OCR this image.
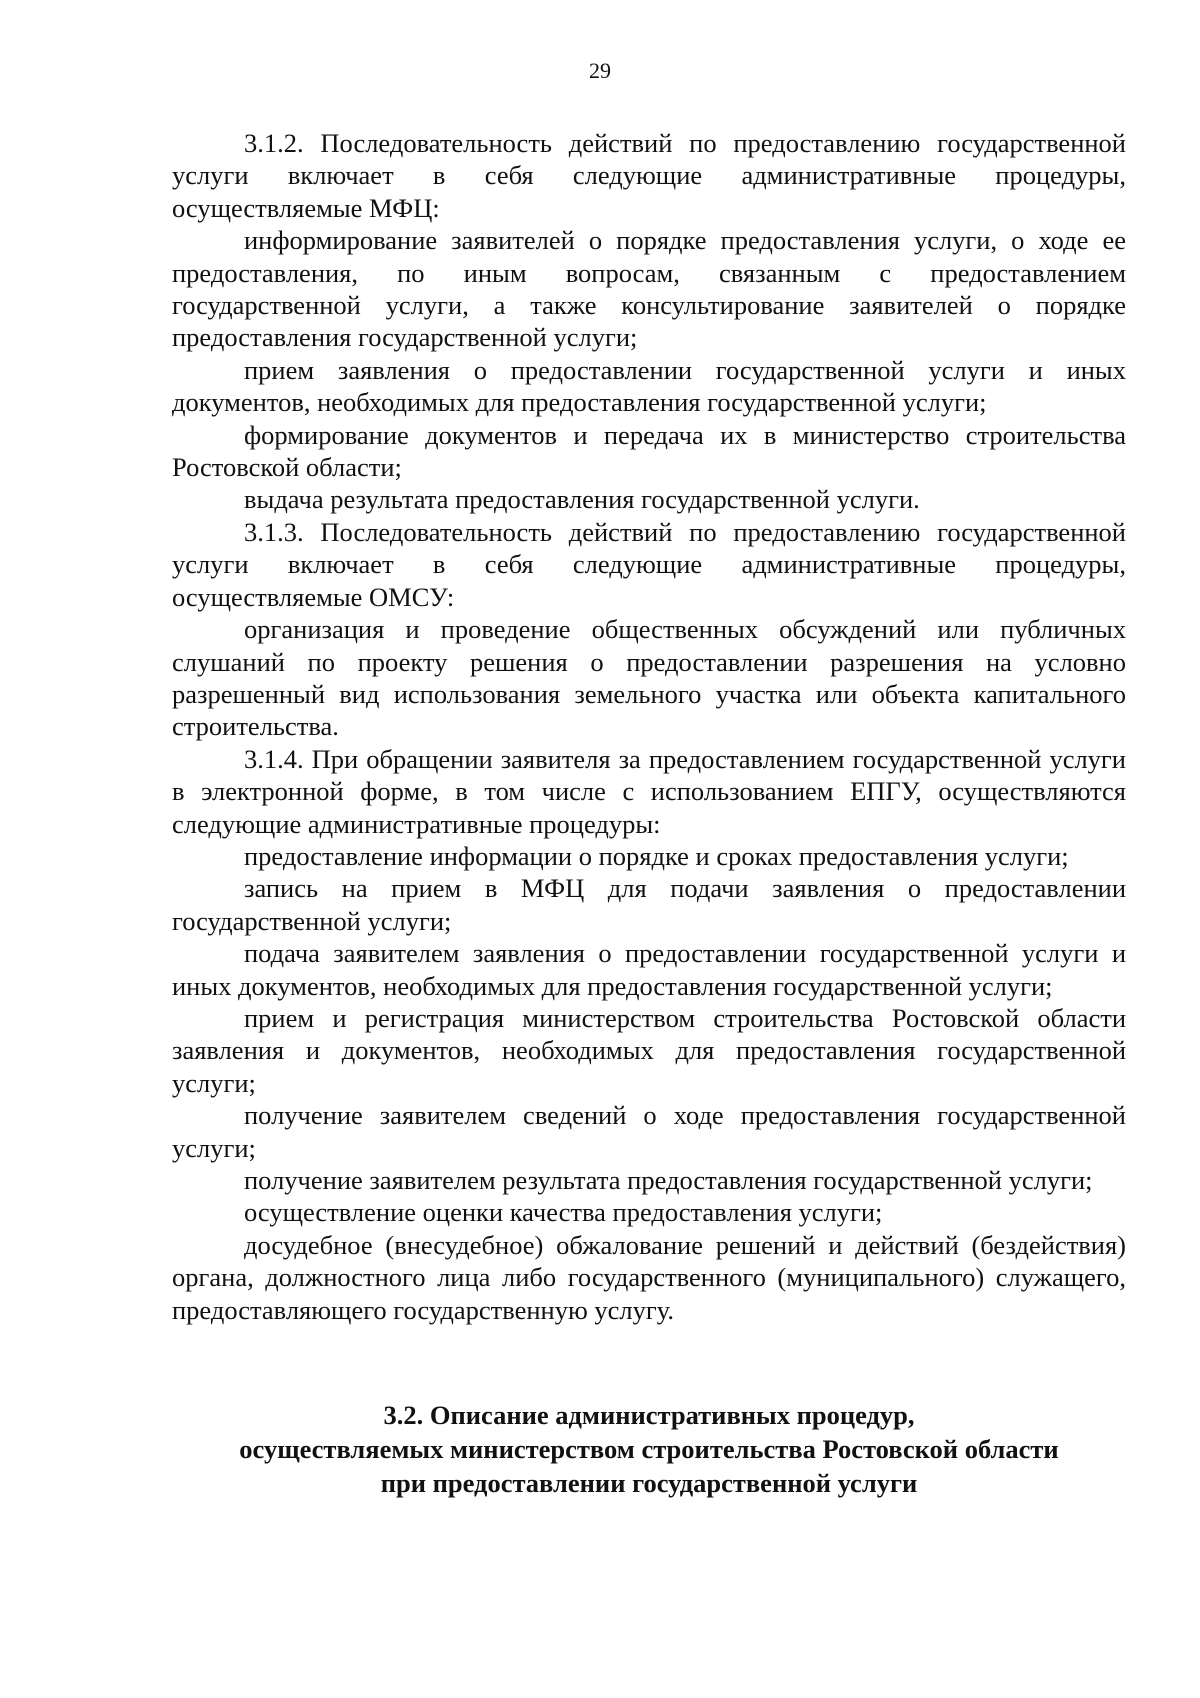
29

3.1.2. Последовательность действий по предоставлению государственной услуги включает в себя следующие административные процедуры, осуществляемые МФЦ:

информирование заявителей о порядке предоставления услуги, о ходе ее предоставления, по иным вопросам, связанным с предоставлением государственной услуги, а также консультирование заявителей о порядке предоставления государственной услуги;

прием заявления о предоставлении государственной услуги и иных документов, необходимых для предоставления государственной услуги;

формирование документов и передача их в министерство строительства Ростовской области;

выдача результата предоставления государственной услуги.

3.1.3. Последовательность действий по предоставлению государственной услуги включает в себя следующие административные процедуры, осуществляемые ОМСУ:

организация и проведение общественных обсуждений или публичных слушаний по проекту решения о предоставлении разрешения на условно разрешенный вид использования земельного участка или объекта капитального строительства.

3.1.4. При обращении заявителя за предоставлением государственной услуги в электронной форме, в том числе с использованием ЕПГУ, осуществляются следующие административные процедуры:

предоставление информации о порядке и сроках предоставления услуги;

запись на прием в МФЦ для подачи заявления о предоставлении государственной услуги;

подача заявителем заявления о предоставлении государственной услуги и иных документов, необходимых для предоставления государственной услуги;

прием и регистрация министерством строительства Ростовской области заявления и документов, необходимых для предоставления государственной услуги;

получение заявителем сведений о ходе предоставления государственной услуги;

получение заявителем результата предоставления государственной услуги;

осуществление оценки качества предоставления услуги;

досудебное (внесудебное) обжалование решений и действий (бездействия) органа, должностного лица либо государственного (муниципального) служащего, предоставляющего государственную услугу.

3.2. Описание административных процедур,
осуществляемых министерством строительства Ростовской области
при предоставлении государственной услуги
